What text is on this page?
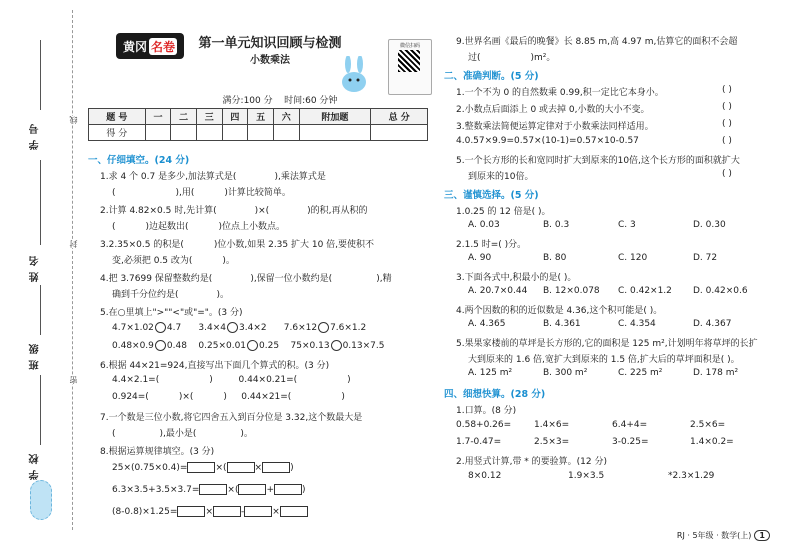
学号
姓名
班级
学校
线
封
密
黄冈 名卷	第一单元知识回顾与检测
小数乘法
微信扫码
满分:100 分 时间:60 分钟
题 号	一	二	三	四	五	六	附加题	总 分
得 分								
一、仔细填空。(24 分)
1.求 4 个 0.7 是多少,加法算式是(	),乘法算式是
(	),用(	)计算比较简单。
2.计算 4.82×0.5 时,先计算(	)×(	)的积,再从积的
(	)边起数出(	)位点上小数点。
3.2.35×0.5 的积是(	)位小数,如果 2.35 扩大 10 倍,要使积不
变,必须把 0.5 改为(	)。
4.把 3.7699 保留整数约是(	),保留一位小数约是(	),精
确到千分位约是(	)。
5.在○里填上">""<"或"="。(3 分)
4.7×1.02 4.7 3.4×4 3.4×2 7.6×12 7.6×1.2
0.48×0.9 0.48 0.25×0.01 0.25 75×0.13 0.13×7.5
6.根据 44×21=924,直接写出下面几个算式的积。(3 分)
4.4×2.1=(	)	0.44×0.21=(	)
0.924=(	)×(	) 0.44×21=(	)
7.一个数是三位小数,将它四舍五入到百分位是 3.32,这个数最大是
(	),最小是(	)。
8.根据运算规律填空。(3 分)
25×(0.75×0.4)=	×(	×	)
6.3×3.5+3.5×3.7=	×(	+	)
(8-0.8)×1.25=	×	-	×
9.世界名画《最后的晚餐》长 8.85 m,高 4.97 m,估算它的面积不会超
过(	)m²。
二、准确判断。(5 分)
1.一个不为 0 的自然数乘 0.99,积一定比它本身小。	( )
2.小数点后面添上 0 或去掉 0,小数的大小不变。	( )
3.整数乘法简便运算定律对于小数乘法同样适用。	( )
4.0.57×9.9=0.57×(10-1)=0.57×10-0.57	( )
5.一个长方形的长和宽同时扩大到原来的10倍,这个长方形的面积就扩大
到原来的10倍。	( )
三、谨慎选择。(5 分)
1.0.25 的 12 倍是( )。
A. 0.03	B. 0.3	C. 3	D. 0.30
2.1.5 时=( )分。
A. 90	B. 80	C. 120	D. 72
3.下面各式中,积最小的是( )。
A. 20.7×0.44 B. 12×0.078 C. 0.42×1.2 D. 0.42×0.6
4.两个因数的积的近似数是 4.36,这个积可能是( )。
A. 4.365	B. 4.361	C. 4.354	D. 4.367
5.果果家楼前的草坪是长方形的,它的面积是 125 m²,计划明年将草坪的长扩
大到原来的 1.6 倍,宽扩大到原来的 1.5 倍,扩大后的草坪面积是( )。
A. 125 m²	B. 300 m²	C. 225 m²	D. 178 m²
四、细想快算。(28 分)
1.口算。(8 分)
0.58+0.26=	1.4×6=	6.4+4=	2.5×6=
1.7-0.47=	2.5×3=	3-0.25=	1.4×0.2=
2.用竖式计算,带 * 的要验算。(12 分)
8×0.12	1.9×3.5	*2.3×1.29
RJ · 5年级 · 数学(上) 1
